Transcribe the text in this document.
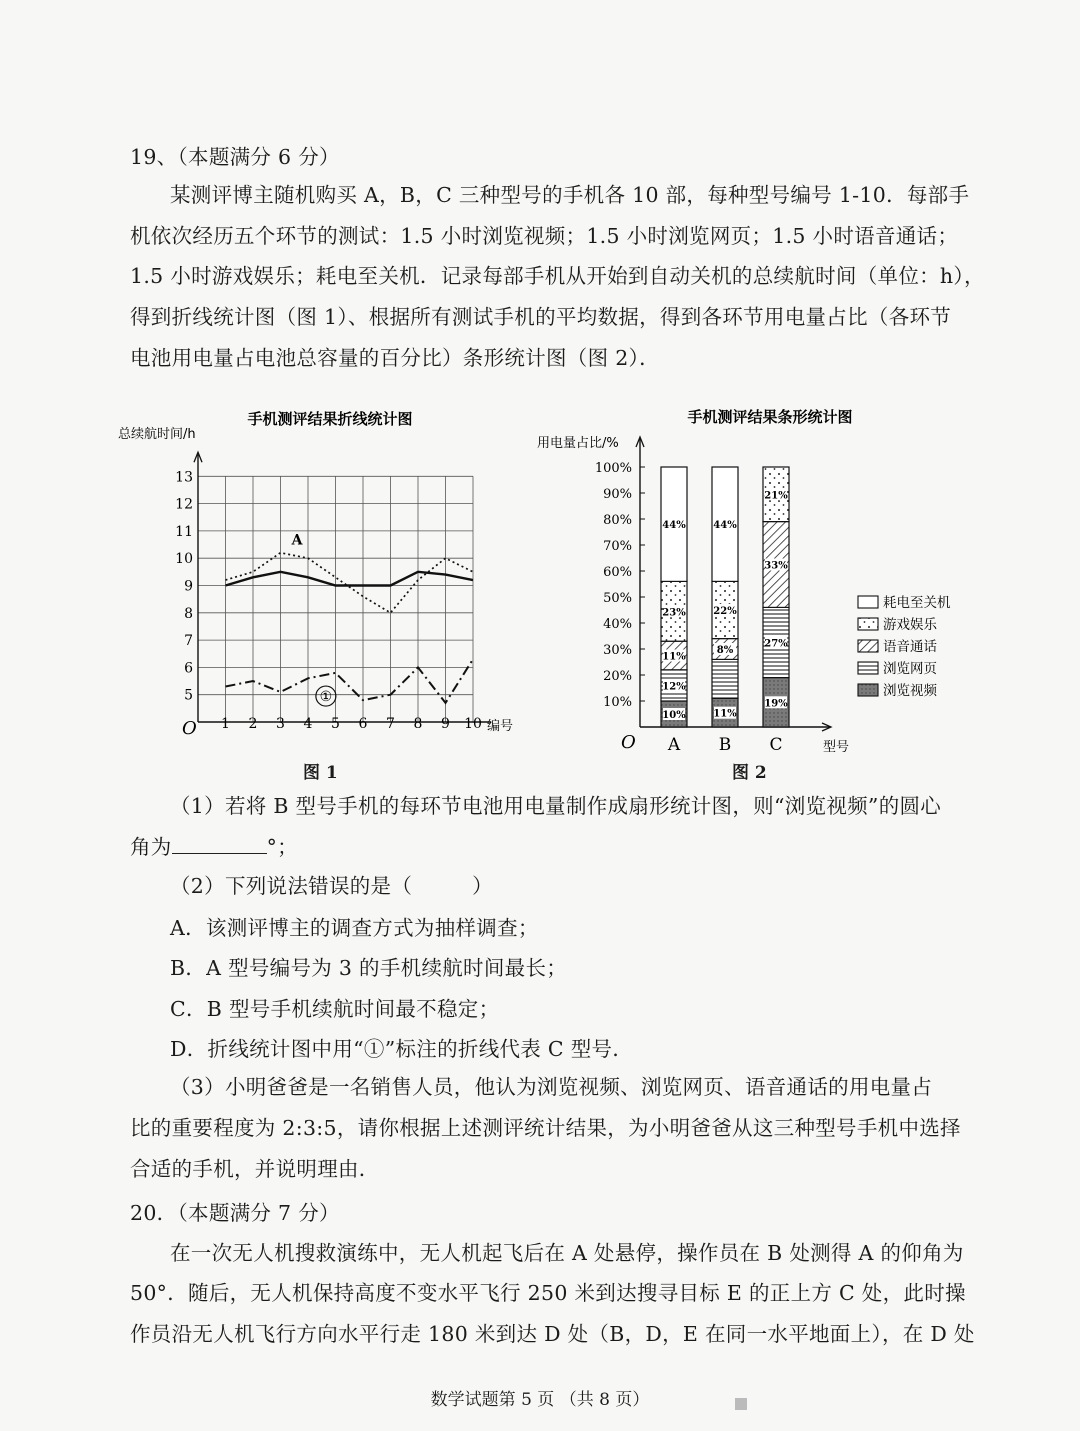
19、（本题满分 6 分）
某测评博主随机购买 A，B，C 三种型号的手机各 10 部，每种型号编号 1-10．每部手
机依次经历五个环节的测试：1.5 小时浏览视频；1.5 小时浏览网页；1.5 小时语音通话；
1.5 小时游戏娱乐；耗电至关机．记录每部手机从开始到自动关机的总续航时间（单位：h），
得到折线统计图（图 1）、根据所有测试手机的平均数据，得到各环节用电量占比（各环节
电池用电量占电池总容量的百分比）条形统计图（图 2）．
手机测评结果折线统计图
总续航时间/h
编号
O
5
6
7
8
9
10
11
12
13
1 2 3 4 5 6 7 8 9 10
A
①	10%
20%
30%
40%
50%
60%
70%
80%
90%
100%
手机测评结果条形统计图
用电量占比/%
型号
O A B C
10%
12%
11%
23%
44%
11%
8%
22%
44%
19%
27%
33%
21%
耗电至关机
游戏娱乐
语音通话
浏览网页
浏览视频
图 1	图 2
（1）若将 B 型号手机的每环节电池用电量制作成扇形统计图，则“浏览视频”的圆心
角为	°；
（2）下列说法错误的是（	）
A．该测评博主的调查方式为抽样调查；
B．A 型号编号为 3 的手机续航时间最长；
C．B 型号手机续航时间最不稳定；
D．折线统计图中用“①”标注的折线代表 C 型号．
（3）小明爸爸是一名销售人员，他认为浏览视频、浏览网页、语音通话的用电量占
比的重要程度为 2:3:5，请你根据上述测评统计结果，为小明爸爸从这三种型号手机中选择
合适的手机，并说明理由．
20．（本题满分 7 分）
在一次无人机搜救演练中，无人机起飞后在 A 处悬停，操作员在 B 处测得 A 的仰角为
50°．随后，无人机保持高度不变水平飞行 250 米到达搜寻目标 E 的正上方 C 处，此时操
作员沿无人机飞行方向水平行走 180 米到达 D 处（B，D，E 在同一水平地面上），在 D 处
数学试题第 5 页 （共 8 页）
